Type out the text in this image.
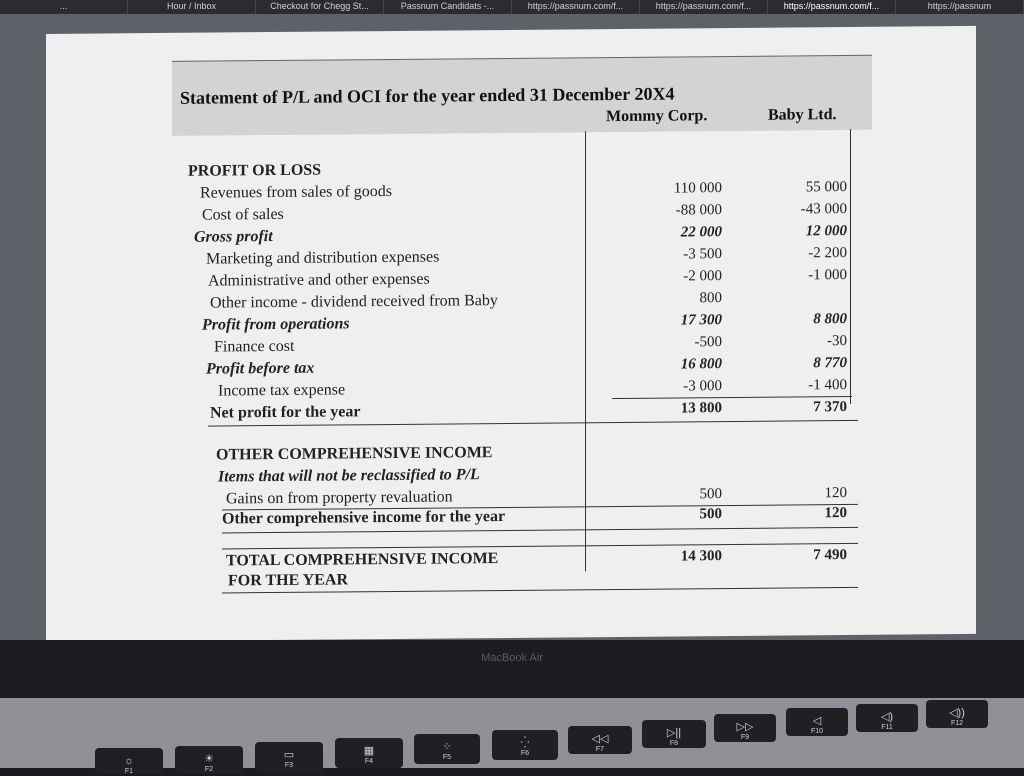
...	Hour / Inbox	Checkout for Chegg St...	Passnum Candidats -...	https://passnum.com/f...	https://passnum.com/f...	https://passnum.com/f...	https://passnum
Statement of P/L and OCI for the year ended 31 December 20X4
Mommy Corp.	Baby Ltd.
PROFIT OR LOSS
Revenues from sales of goods	110 000	55 000
Cost of sales	-88 000	-43 000
Gross profit	22 000	12 000
Marketing and distribution expenses	-3 500	-2 200
Administrative and other expenses	-2 000	-1 000
Other income - dividend received from Baby	800
Profit from operations	17 300	8 800
Finance cost	-500	-30
Profit before tax	16 800	8 770
Income tax expense	-3 000	-1 400
Net profit for the year	13 800	7 370
OTHER COMPREHENSIVE INCOME
Items that will not be reclassified to P/L
Gains on from property revaluation	500	120
Other comprehensive income for the year	500	120
TOTAL COMPREHENSIVE INCOME	14 300	7 490
FOR THE YEAR
MacBook Air
☼
F1
☀
F2
▭
F3
▦
F4
⁘
F5
⁛
F6
◁◁
F7
▷||
F8
▷▷
F9
◁
F10
◁)
F11
◁))
F12
